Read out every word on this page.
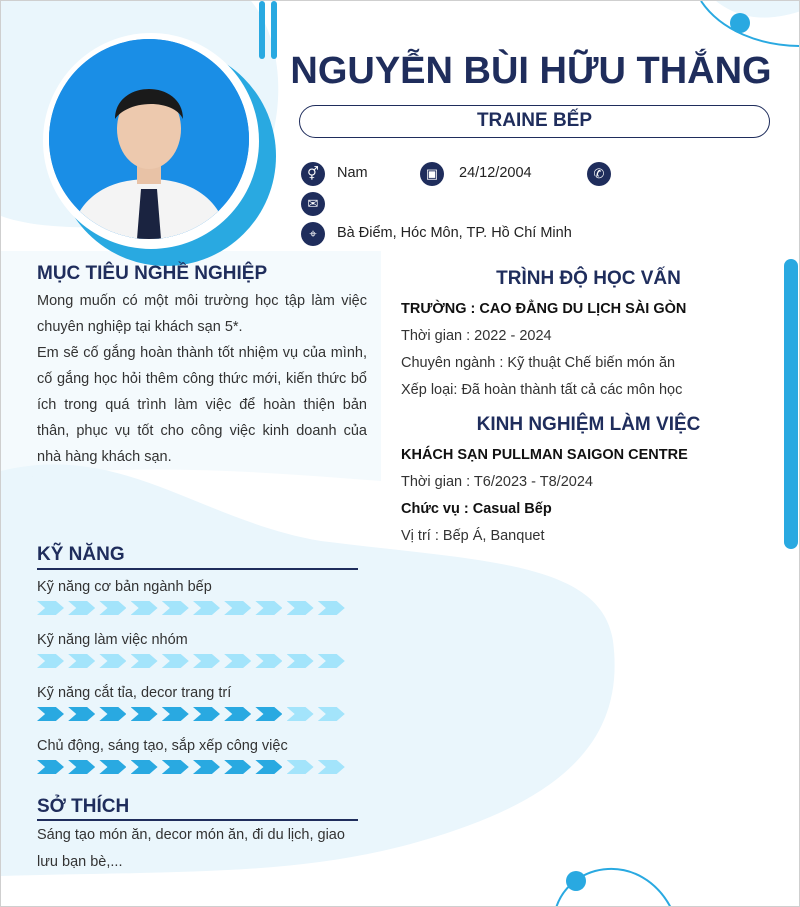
NGUYỄN BÙI HỮU THẮNG
TRAINE BẾP
⚥	Nam	▣	24/12/2004	✆
✉
⌖	Bà Điểm, Hóc Môn, TP. Hồ Chí Minh
MỤC TIÊU NGHỀ NGHIỆP

Mong muốn có một môi trường học tập làm việc chuyên nghiệp tại khách sạn 5*.

Em sẽ cố gắng hoàn thành tốt nhiệm vụ của mình, cố gắng học hỏi thêm công thức mới, kiến thức bổ ích trong quá trình làm việc để hoàn thiện bản thân, phục vụ tốt cho công việc kinh doanh của nhà hàng khách sạn.

KỸ NĂNG
Kỹ năng cơ bản ngành bếp
Kỹ năng làm việc nhóm
Kỹ năng cắt tỉa, decor trang trí
Chủ động, sáng tạo, sắp xếp công việc
SỞ THÍCH
Sáng tạo món ăn, decor món ăn, đi du lịch, giao lưu bạn bè,...
TRÌNH ĐỘ HỌC VẤN
TRƯỜNG : CAO ĐẲNG DU LỊCH SÀI GÒN
Thời gian : 2022 - 2024
Chuyên ngành : Kỹ thuật Chế biến món ăn
Xếp loại: Đã hoàn thành tất cả các môn học
KINH NGHIỆM LÀM VIỆC
KHÁCH SẠN PULLMAN SAIGON CENTRE
Thời gian : T6/2023 - T8/2024
Chức vụ : Casual Bếp
Vị trí : Bếp Á, Banquet
